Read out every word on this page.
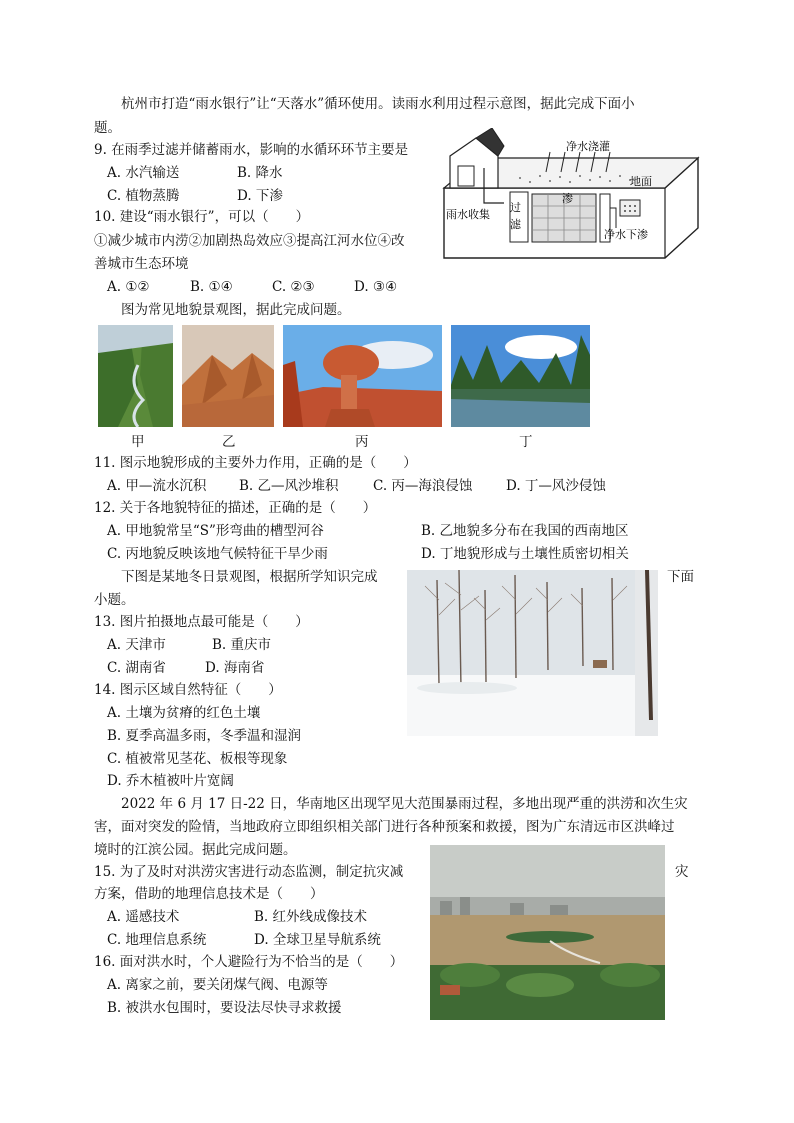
杭州市打造“雨水银行”让“天落水”循环使用。读雨水利用过程示意图，据此完成下面小
题。
9. 在雨季过滤并储蓄雨水，影响的水循环环节主要是
A. 水汽输送	B. 降水
C. 植物蒸腾	D. 下渗
10. 建设“雨水银行”，可以（　　）
①减少城市内涝②加剧热岛效应③提高江河水位④改
善城市生态环境
A. ①②	B. ①④	C. ②③	D. ③④
净水浇灌
地面
雨水收集
过
滤
渗
净水下渗
图为常见地貌景观图，据此完成问题。
甲	乙	丙	丁
11. 图示地貌形成的主要外力作用，正确的是（　　）
A. 甲—流水沉积 B. 乙—风沙堆积	C. 丙—海浪侵蚀 D. 丁—风沙侵蚀
12. 关于各地貌特征的描述，正确的是（　　）
A. 甲地貌常呈“S”形弯曲的槽型河谷	B. 乙地貌多分布在我国的西南地区
C. 丙地貌反映该地气候特征干旱少雨	D. 丁地貌形成与土壤性质密切相关
下图是某地冬日景观图，根据所学知识完成	下面
小题。
13. 图片拍摄地点最可能是（　　）
A. 天津市	B. 重庆市
C. 湖南省	D. 海南省
14. 图示区域自然特征（　　）
A. 土壤为贫瘠的红色土壤
B. 夏季高温多雨，冬季温和湿润
C. 植被常见茎花、板根等现象
D. 乔木植被叶片宽阔
2022 年 6 月 17 日-22 日，华南地区出现罕见大范围暴雨过程，多地出现严重的洪涝和次生灾
害，面对突发的险情，当地政府立即组织相关部门进行各种预案和救援，图为广东清远市区洪峰过
境时的江滨公园。据此完成问题。
15. 为了及时对洪涝灾害进行动态监测，制定抗灾减	灾
方案，借助的地理信息技术是（　　）
A. 遥感技术	B. 红外线成像技术
C. 地理信息系统	D. 全球卫星导航系统
16. 面对洪水时，个人避险行为不恰当的是（　　）
A. 离家之前，要关闭煤气阀、电源等
B. 被洪水包围时，要设法尽快寻求救援
